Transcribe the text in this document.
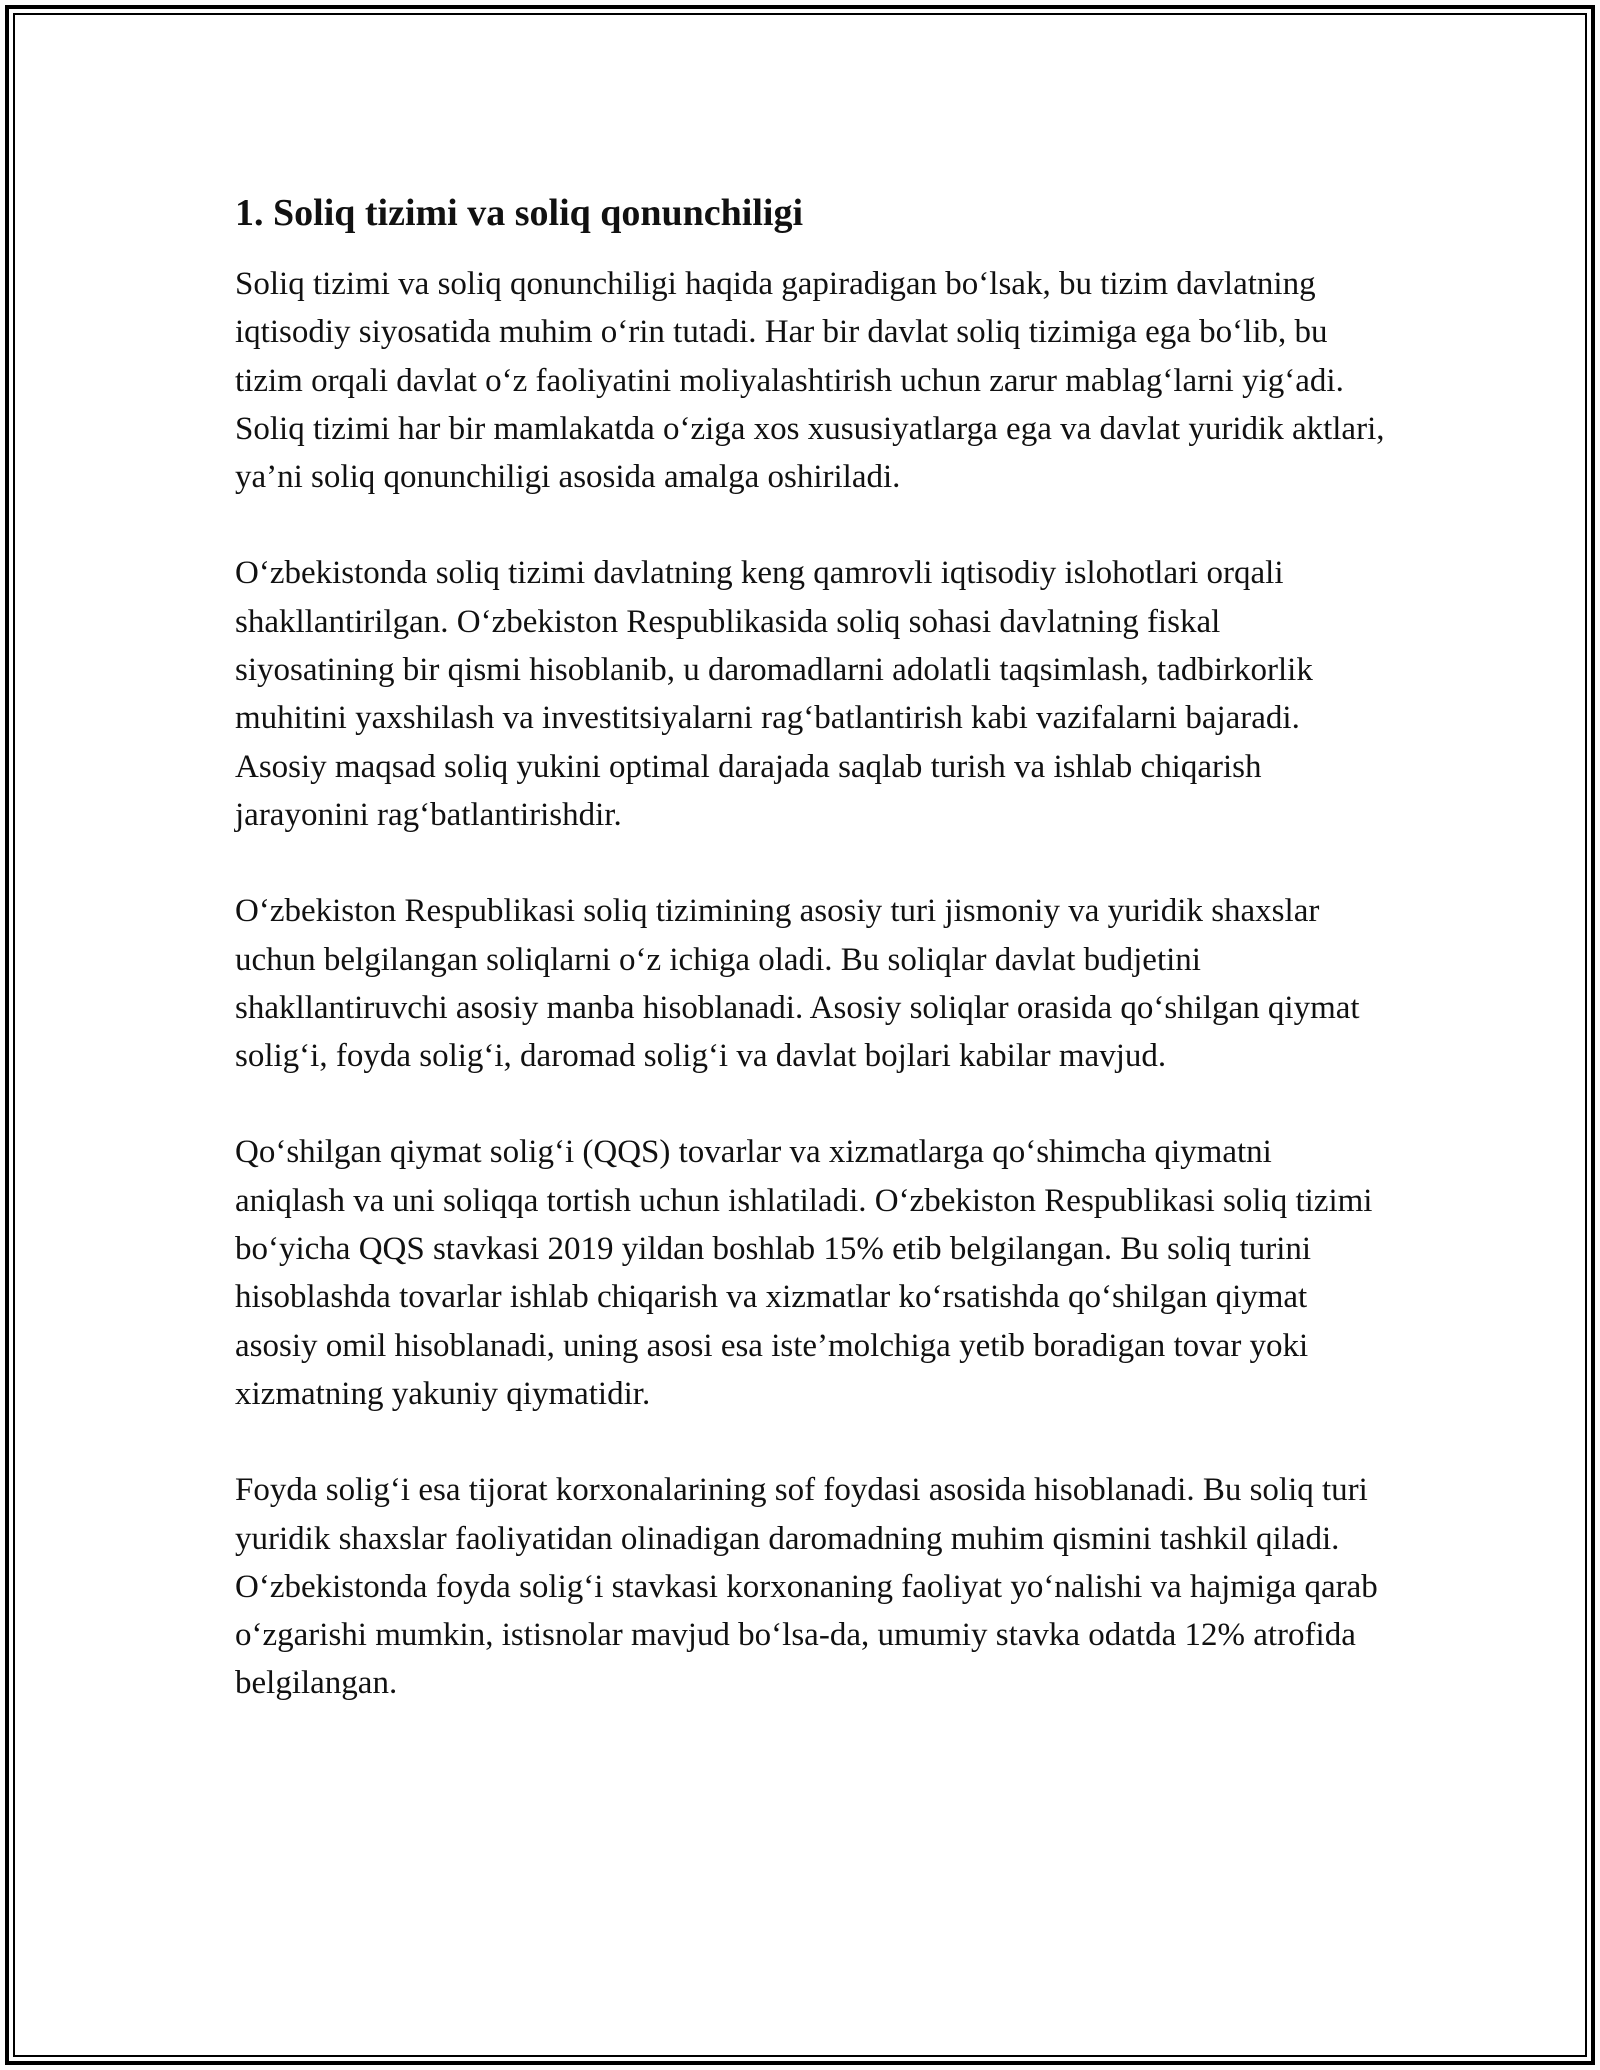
1. Soliq tizimi va soliq qonunchiligi

Soliq tizimi va soliq qonunchiligi haqida gapiradigan bo‘lsak, bu tizim davlatning iqtisodiy siyosatida muhim o‘rin tutadi. Har bir davlat soliq tizimiga ega bo‘lib, bu tizim orqali davlat o‘z faoliyatini moliyalashtirish uchun zarur mablag‘larni yig‘adi. Soliq tizimi har bir mamlakatda o‘ziga xos xususiyatlarga ega va davlat yuridik aktlari, ya’ni soliq qonunchiligi asosida amalga oshiriladi.

O‘zbekistonda soliq tizimi davlatning keng qamrovli iqtisodiy islohotlari orqali shakllantirilgan. O‘zbekiston Respublikasida soliq sohasi davlatning fiskal siyosatining bir qismi hisoblanib, u daromadlarni adolatli taqsimlash, tadbirkorlik muhitini yaxshilash va investitsiyalarni rag‘batlantirish kabi vazifalarni bajaradi. Asosiy maqsad soliq yukini optimal darajada saqlab turish va ishlab chiqarish jarayonini rag‘batlantirishdir.

O‘zbekiston Respublikasi soliq tizimining asosiy turi jismoniy va yuridik shaxslar uchun belgilangan soliqlarni o‘z ichiga oladi. Bu soliqlar davlat budjetini shakllantiruvchi asosiy manba hisoblanadi. Asosiy soliqlar orasida qo‘shilgan qiymat solig‘i, foyda solig‘i, daromad solig‘i va davlat bojlari kabilar mavjud.

Qo‘shilgan qiymat solig‘i (QQS) tovarlar va xizmatlarga qo‘shimcha qiymatni aniqlash va uni soliqqa tortish uchun ishlatiladi. O‘zbekiston Respublikasi soliq tizimi bo‘yicha QQS stavkasi 2019 yildan boshlab 15% etib belgilangan. Bu soliq turini hisoblashda tovarlar ishlab chiqarish va xizmatlar ko‘rsatishda qo‘shilgan qiymat asosiy omil hisoblanadi, uning asosi esa iste’molchiga yetib boradigan tovar yoki xizmatning yakuniy qiymatidir.

Foyda solig‘i esa tijorat korxonalarining sof foydasi asosida hisoblanadi. Bu soliq turi yuridik shaxslar faoliyatidan olinadigan daromadning muhim qismini tashkil qiladi. O‘zbekistonda foyda solig‘i stavkasi korxonaning faoliyat yo‘nalishi va hajmiga qarab o‘zgarishi mumkin, istisnolar mavjud bo‘lsa-da, umumiy stavka odatda 12% atrofida belgilangan.
